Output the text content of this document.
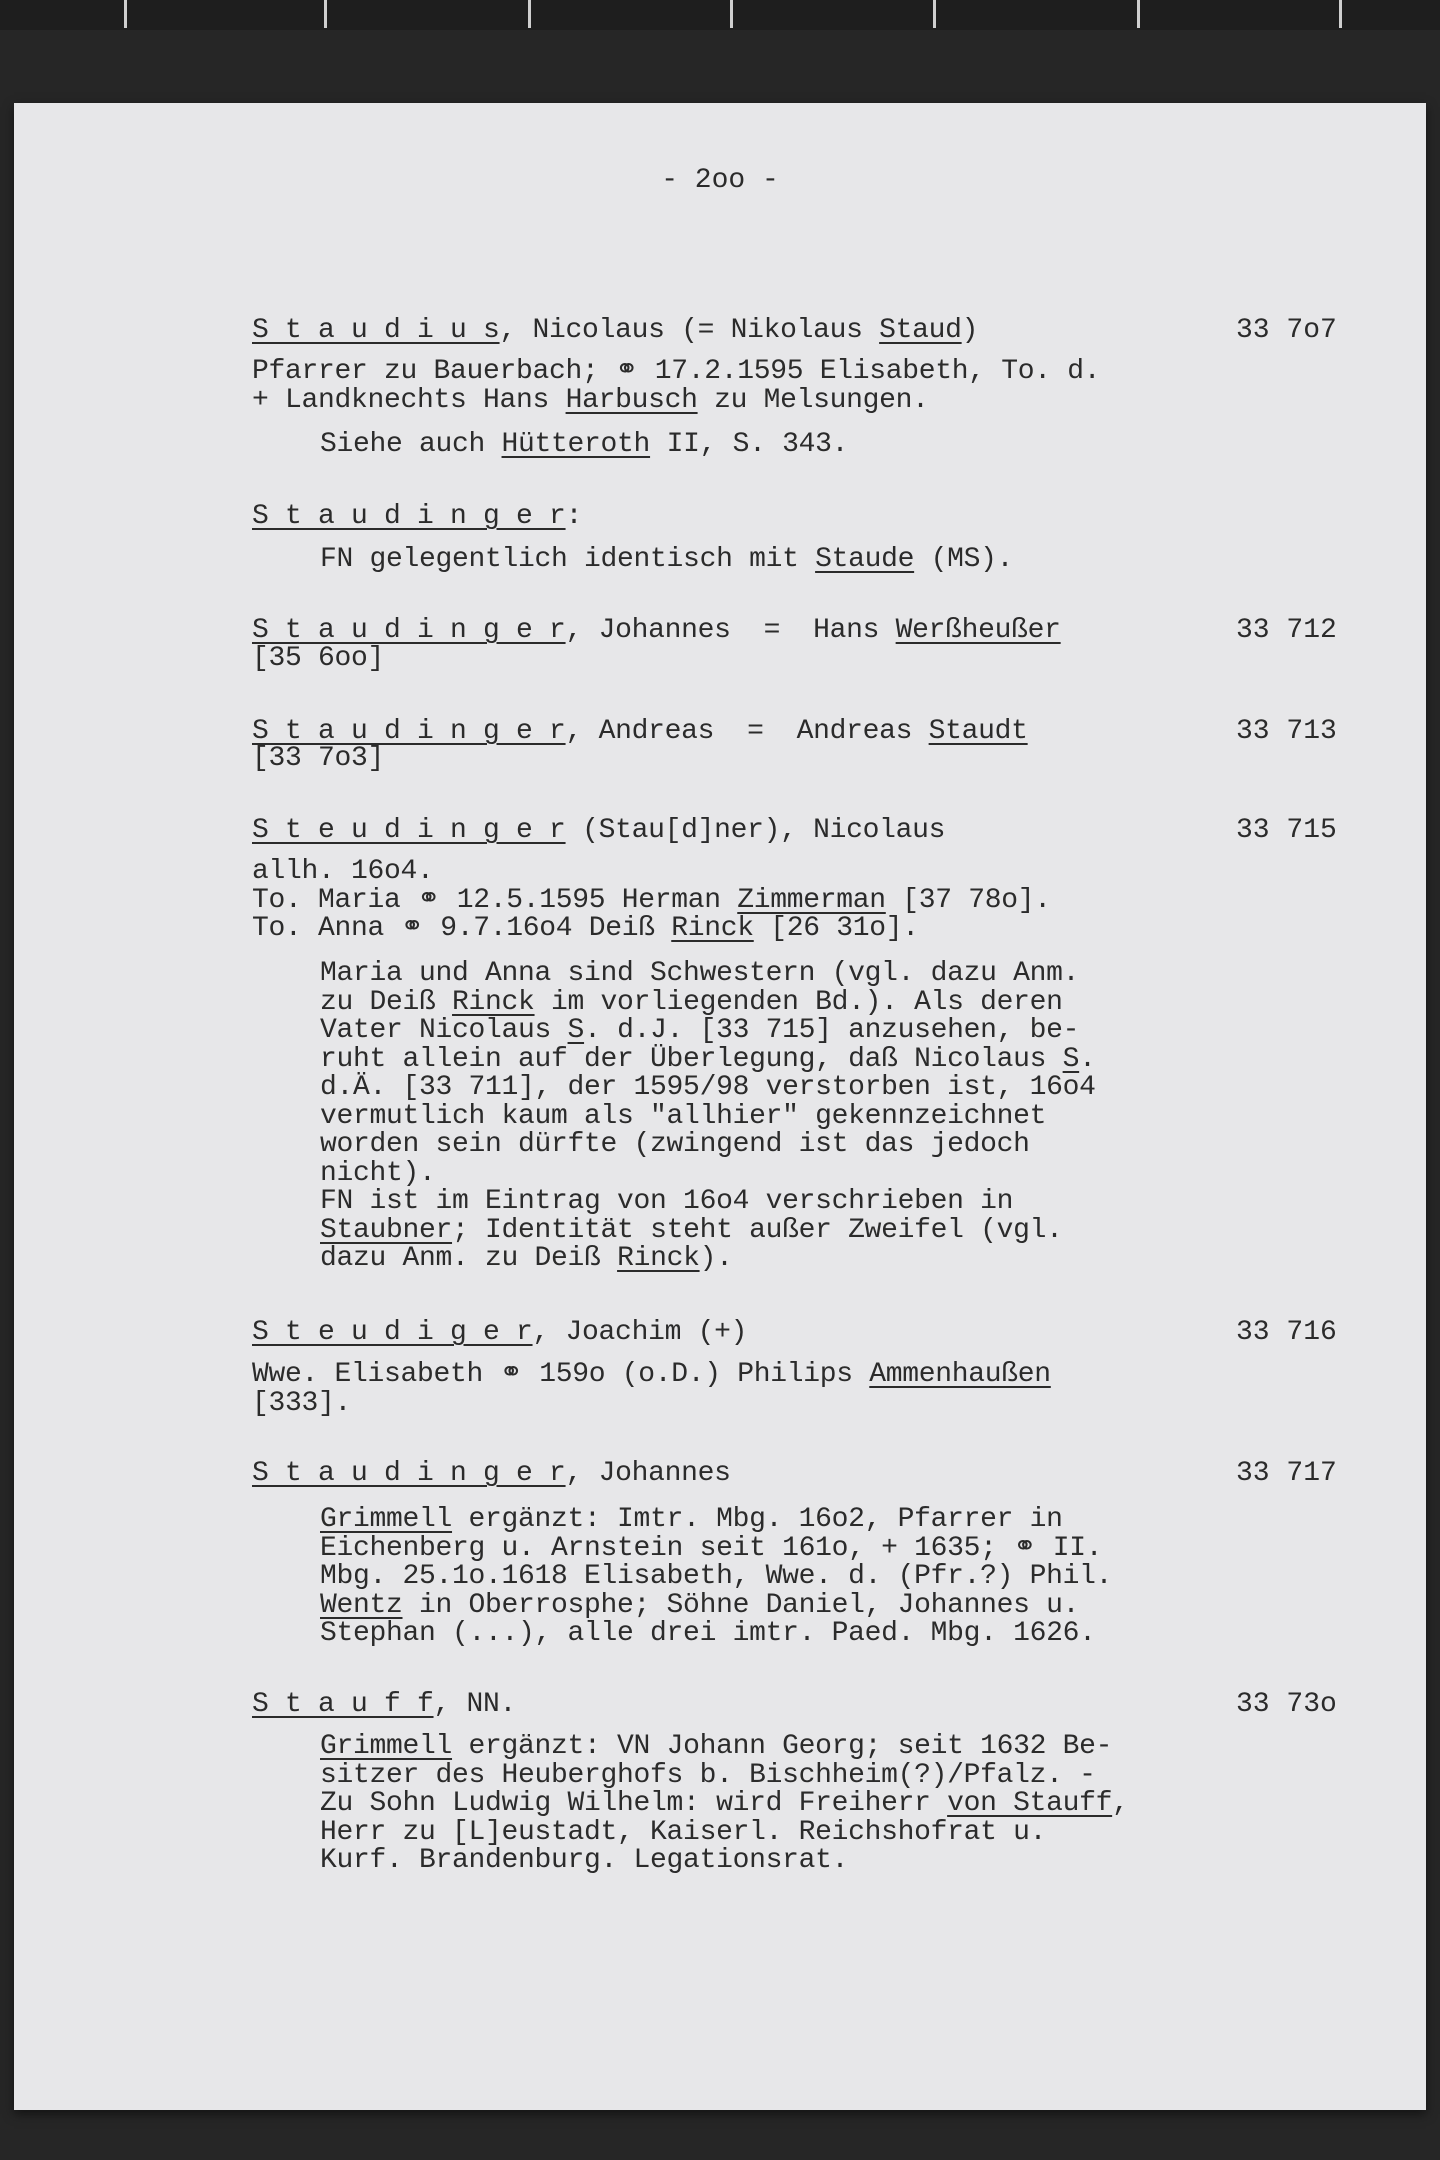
- 2oo -
S t a u d i u s, Nicolaus (= Nikolaus Staud)	33 7o7
Pfarrer zu Bauerbach; ⚭ 17.2.1595 Elisabeth, To. d.
+ Landknechts Hans Harbusch zu Melsungen.
Siehe auch Hütteroth II, S. 343.
S t a u d i n g e r:
FN gelegentlich identisch mit Staude (MS).
S t a u d i n g e r, Johannes  =  Hans Werßheußer	33 712
[35 6oo]
S t a u d i n g e r, Andreas  =  Andreas Staudt	33 713
[33 7o3]
S t e u d i n g e r (Stau[d]ner), Nicolaus	33 715
allh. 16o4.
To. Maria ⚭ 12.5.1595 Herman Zimmerman [37 78o].
To. Anna ⚭ 9.7.16o4 Deiß Rinck [26 31o].
Maria und Anna sind Schwestern (vgl. dazu Anm.
zu Deiß Rinck im vorliegenden Bd.). Als deren
Vater Nicolaus S. d.J. [33 715] anzusehen, be-
ruht allein auf der Überlegung, daß Nicolaus S.
d.Ä. [33 711], der 1595/98 verstorben ist, 16o4
vermutlich kaum als "allhier" gekennzeichnet
worden sein dürfte (zwingend ist das jedoch
nicht).
FN ist im Eintrag von 16o4 verschrieben in
Staubner; Identität steht außer Zweifel (vgl.
dazu Anm. zu Deiß Rinck).
S t e u d i g e r, Joachim (+)	33 716
Wwe. Elisabeth ⚭ 159o (o.D.) Philips Ammenhaußen
[333].
S t a u d i n g e r, Johannes	33 717
Grimmell ergänzt: Imtr. Mbg. 16o2, Pfarrer in
Eichenberg u. Arnstein seit 161o, + 1635; ⚭ II.
Mbg. 25.1o.1618 Elisabeth, Wwe. d. (Pfr.?) Phil.
Wentz in Oberrosphe; Söhne Daniel, Johannes u.
Stephan (...), alle drei imtr. Paed. Mbg. 1626.
S t a u f f, NN.	33 73o
Grimmell ergänzt: VN Johann Georg; seit 1632 Be-
sitzer des Heuberghofs b. Bischheim(?)/Pfalz. -
Zu Sohn Ludwig Wilhelm: wird Freiherr von Stauff,
Herr zu [L]eustadt, Kaiserl. Reichshofrat u.
Kurf. Brandenburg. Legationsrat.
